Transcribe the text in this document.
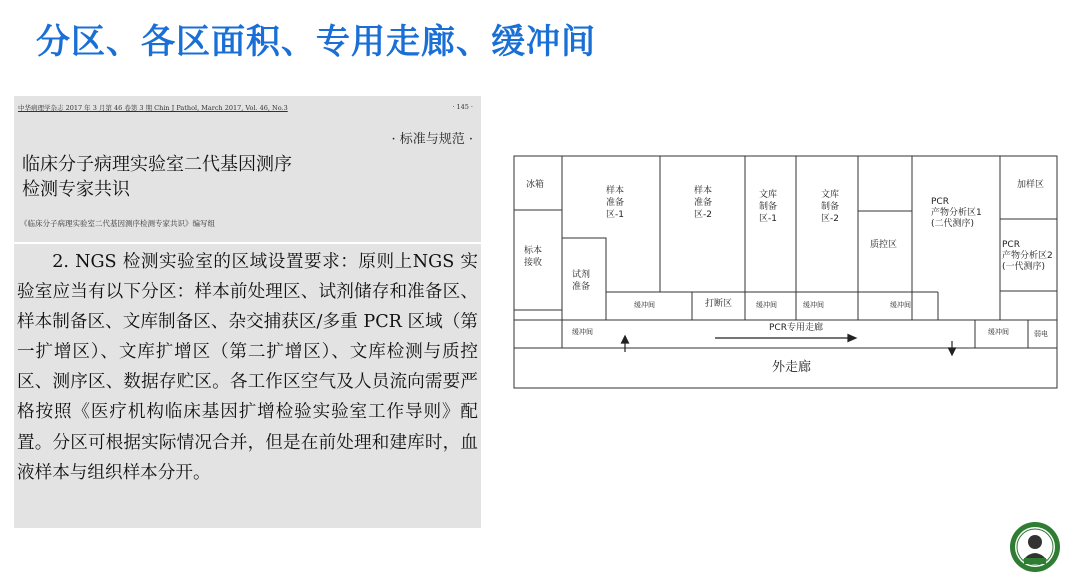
分区、各区面积、专用走廊、缓冲间
中华病理学杂志 2017 年 3 月第 46 卷第 3 期 Chin J Pathol, March 2017, Vol. 46, No.3	· 145 ·
· 标准与规范 ·
临床分子病理实验室二代基因测序
检测专家共识
《临床分子病理实验室二代基因测序检测专家共识》编写组
2. NGS 检测实验室的区域设置要求：原则上NGS 实验室应当有以下分区：样本前处理区、试剂储存和准备区、样本制备区、文库制备区、杂交捕获区/多重 PCR 区域（第一扩增区）、文库扩增区（第二扩增区）、文库检测与质控区、测序区、数据存贮区。各工作区空气及人员流向需要严格按照《医疗机构临床基因扩增检验实验室工作导则》配置。分区可根据实际情况合并，但是在前处理和建库时，血液样本与组织样本分开。
冰箱
标本
接收
试剂
准备
样本
准备
区-1
样本
准备
区-2
文库
制备
区-1
文库
制备
区-2
质控区
PCR
产物分析区1
(二代测序)
加样区
PCR
产物分析区2
(一代测序)
缓冲间	打断区	缓冲间	缓冲间	缓冲间
缓冲间	PCR专用走廊	缓冲间	弱电
外走廊
